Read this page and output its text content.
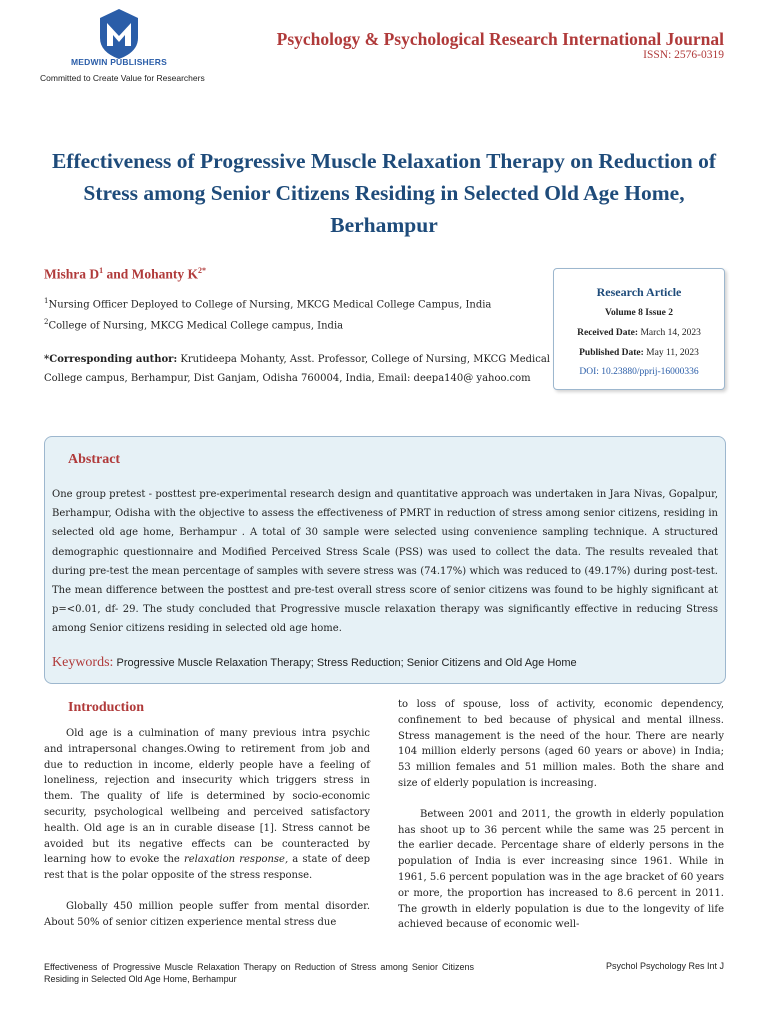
MEDWIN PUBLISHERS
Committed to Create Value for Researchers
Psychology & Psychological Research International Journal
ISSN: 2576-0319
Effectiveness of Progressive Muscle Relaxation Therapy on Reduction of Stress among Senior Citizens Residing in Selected Old Age Home, Berhampur
Mishra $D^1$ and Mohanty $K^{2*}$
$^1$Nursing Officer Deployed to College of Nursing, MKCG Medical College Campus, India
$^2$College of Nursing, MKCG Medical College campus, India
*Corresponding author: Krutideepa Mohanty, Asst. Professor, College of Nursing, MKCG Medical College campus, Berhampur, Dist Ganjam, Odisha 760004, India, Email: deepa140@ yahoo.com
Research Article
Volume 8 Issue 2
Received Date: March 14, 2023
Published Date: May 11, 2023
DOI: 10.23880/pprij-16000336
Abstract
One group pretest - posttest pre-experimental research design and quantitative approach was undertaken in Jara Nivas, Gopalpur, Berhampur, Odisha with the objective to assess the effectiveness of PMRT in reduction of stress among senior citizens, residing in selected old age home, Berhampur . A total of 30 sample were selected using convenience sampling technique. A structured demographic questionnaire and Modified Perceived Stress Scale (PSS) was used to collect the data. The results revealed that during pre-test the mean percentage of samples with severe stress was (74.17%) which was reduced to (49.17%) during post-test. The mean difference between the posttest and pre-test overall stress score of senior citizens was found to be highly significant at p=<0.01, df- 29. The study concluded that Progressive muscle relaxation therapy was significantly effective in reducing Stress among Senior citizens residing in selected old age home.
Keywords: Progressive Muscle Relaxation Therapy; Stress Reduction; Senior Citizens and Old Age Home
Introduction

Old age is a culmination of many previous intra psychic and intrapersonal changes.Owing to retirement from job and due to reduction in income, elderly people have a feeling of loneliness, rejection and insecurity which triggers stress in them. The quality of life is determined by socio-economic security, psychological wellbeing and perceived satisfactory health. Old age is an in curable disease [1]. Stress cannot be avoided but its negative effects can be counteracted by learning how to evoke the relaxation response, a state of deep rest that is the polar opposite of the stress response.

Globally 450 million people suffer from mental disorder. About 50% of senior citizen experience mental stress due

to loss of spouse, loss of activity, economic dependency, confinement to bed because of physical and mental illness. Stress management is the need of the hour. There are nearly 104 million elderly persons (aged 60 years or above) in India; 53 million females and 51 million males. Both the share and size of elderly population is increasing.

Between 2001 and 2011, the growth in elderly population has shoot up to 36 percent while the same was 25 percent in the earlier decade. Percentage share of elderly persons in the population of India is ever increasing since 1961. While in 1961, 5.6 percent population was in the age bracket of 60 years or more, the proportion has increased to 8.6 percent in 2011. The growth in elderly population is due to the longevity of life achieved because of economic well-

Effectiveness of Progressive Muscle Relaxation Therapy on Reduction of Stress among Senior Citizens Residing in Selected Old Age Home, Berhampur
Psychol Psychology Res Int J
